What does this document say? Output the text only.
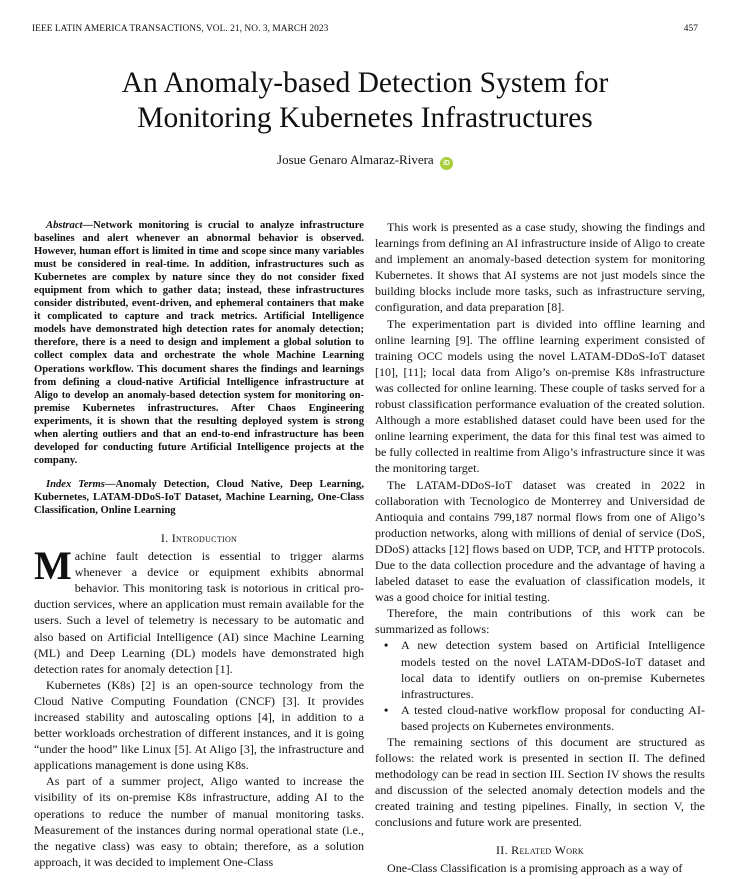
IEEE LATIN AMERICA TRANSACTIONS, VOL. 21, NO. 3, MARCH 2023	457
An Anomaly-based Detection System for
Monitoring Kubernetes Infrastructures
Josue Genaro Almaraz-Rivera iD

Abstract—Network monitoring is crucial to analyze infrastructure baselines and alert whenever an abnormal behavior is observed. However, human effort is limited in time and scope since many variables must be considered in real-time. In addition, infrastructures such as Kubernetes are complex by nature since they do not consider fixed equipment from which to gather data; instead, these infrastructures consider distributed, event-driven, and ephemeral containers that make it complicated to capture and track metrics. Artificial Intelligence models have demonstrated high detection rates for anomaly detection; therefore, there is a need to design and implement a global solution to collect complex data and orchestrate the whole Machine Learning Operations workflow. This document shares the findings and learnings from defining a cloud-native Artificial Intelligence infrastructure at Aligo to develop an anomaly-based detection system for monitoring on-premise Kubernetes infrastructures. After Chaos Engineering experiments, it is shown that the resulting deployed system is strong when alerting outliers and that an end-to-end infrastructure has been developed for conducting future Artificial Intelligence projects at the company.

Index Terms—Anomaly Detection, Cloud Native, Deep Learning, Kubernetes, LATAM-DDoS-IoT Dataset, Machine Learning, One-Class Classification, Online Learning

I. Introduction

Machine fault detection is essential to trigger alarms whenever a device or equipment exhibits abnormal behavior. This monitoring task is notorious in critical production services, where an application must remain available for the users. Such a level of telemetry is necessary to be automatic and also based on Artificial Intelligence (AI) since Machine Learning (ML) and Deep Learning (DL) models have demonstrated high detection rates for anomaly detection [1].

Kubernetes (K8s) [2] is an open-source technology from the Cloud Native Computing Foundation (CNCF) [3]. It provides increased stability and autoscaling options [4], in addition to a better workloads orchestration of different instances, and it is going “under the hood” like Linux [5]. At Aligo [3], the infrastructure and applications management is done using K8s.

As part of a summer project, Aligo wanted to increase the visibility of its on-premise K8s infrastructure, adding AI to the operations to reduce the number of manual monitoring tasks. Measurement of the instances during normal operational state (i.e., the negative class) was easy to obtain; therefore, as a solution approach, it was decided to implement One-Class

This work is presented as a case study, showing the findings and learnings from defining an AI infrastructure inside of Aligo to create and implement an anomaly-based detection system for monitoring Kubernetes. It shows that AI systems are not just models since the building blocks include more tasks, such as infrastructure serving, configuration, and data preparation [8].

The experimentation part is divided into offline learning and online learning [9]. The offline learning experiment consisted of training OCC models using the novel LATAM-DDoS-IoT dataset [10], [11]; local data from Aligo’s on-premise K8s infrastructure was collected for online learning. These couple of tasks served for a robust classification performance evaluation of the created solution. Although a more established dataset could have been used for the online learning experiment, the data for this final test was aimed to be fully collected in realtime from Aligo’s infrastructure since it was the monitoring target.

The LATAM-DDoS-IoT dataset was created in 2022 in collaboration with Tecnologico de Monterrey and Universidad de Antioquia and contains 799,187 normal flows from one of Aligo’s production networks, along with millions of denial of service (DoS, DDoS) attacks [12] flows based on UDP, TCP, and HTTP protocols. Due to the data collection procedure and the advantage of having a labeled dataset to ease the evaluation of classification models, it was a good choice for initial testing.

Therefore, the main contributions of this work can be summarized as follows:

• A new detection system based on Artificial Intelligence models tested on the novel LATAM-DDoS-IoT dataset and local data to identify outliers on on-premise Kubernetes infrastructures.
• A tested cloud-native workflow proposal for conducting AI-based projects on Kubernetes environments.

The remaining sections of this document are structured as follows: the related work is presented in section II. The defined methodology can be read in section III. Section IV shows the results and discussion of the selected anomaly detection models and the created training and testing pipelines. Finally, in section V, the conclusions and future work are presented.

II. Related Work

One-Class Classification is a promising approach as a way of
